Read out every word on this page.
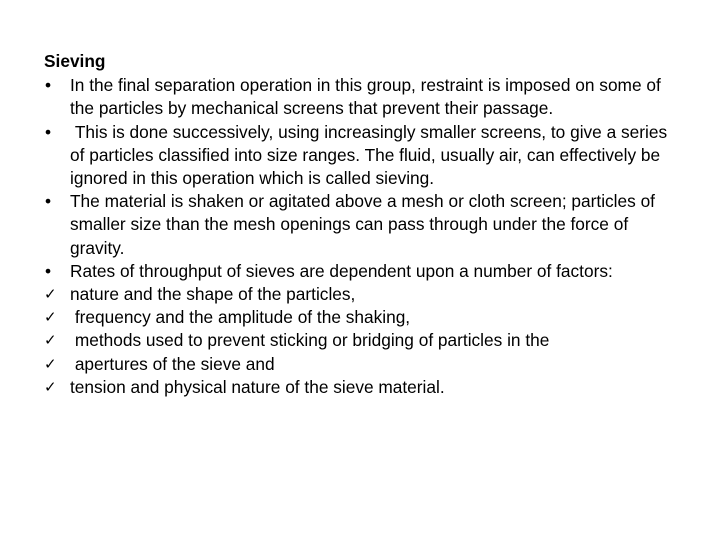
Sieving
•	In the final separation operation in this group, restraint is imposed on some of the particles by mechanical screens that prevent their passage.
•	This is done successively, using increasingly smaller screens, to give a series of particles classified into size ranges. The fluid, usually air, can effectively be ignored in this operation which is called sieving.
•	The material is shaken or agitated above a mesh or cloth screen; particles of smaller size than the mesh openings can pass through under the force of gravity.
•	Rates of throughput of sieves are dependent upon a number of factors:
✓ nature and the shape of the particles,
✓ frequency and the amplitude of the shaking,
✓ methods used to prevent sticking or bridging of particles in the
✓ apertures of the sieve and
✓ tension and physical nature of the sieve material.
